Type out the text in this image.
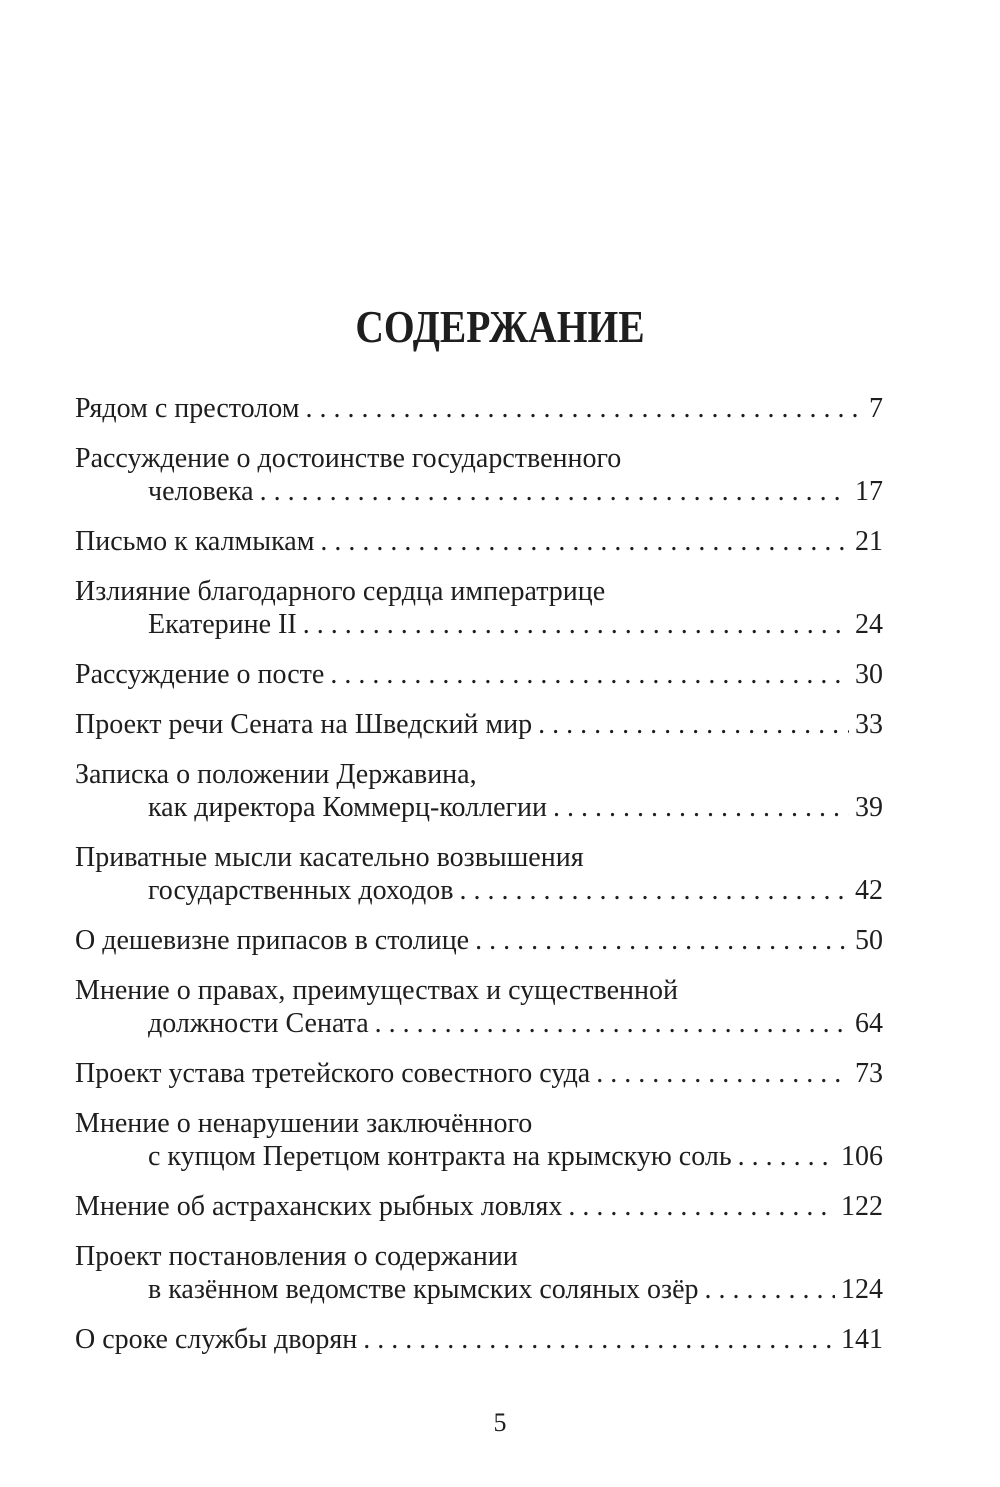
СОДЕРЖАНИЕ
Рядом с престолом . . .	7
Рассуждение о достоинстве государственного
человека . . .	17
Письмо к калмыкам . . .	21
Излияние благодарного сердца императрице
Екатерине II . . .	24
Рассуждение о посте . . .	30
Проект речи Сената на Шведский мир . . .	33
Записка о положении Державина,
как директора Коммерц-коллегии . . .	39
Приватные мысли касательно возвышения
государственных доходов . . .	42
О дешевизне припасов в столице . . .	50
Мнение о правах, преимуществах и существенной
должности Сената . . .	64
Проект устава третейского совестного суда . . .	73
Мнение о ненарушении заключённого
с купцом Перетцом контракта на крымскую соль . . .	106
Мнение об астраханских рыбных ловлях . . .	122
Проект постановления о содержании
в казённом ведомстве крымских соляных озёр . . .	124
О сроке службы дворян . . .	141
5
